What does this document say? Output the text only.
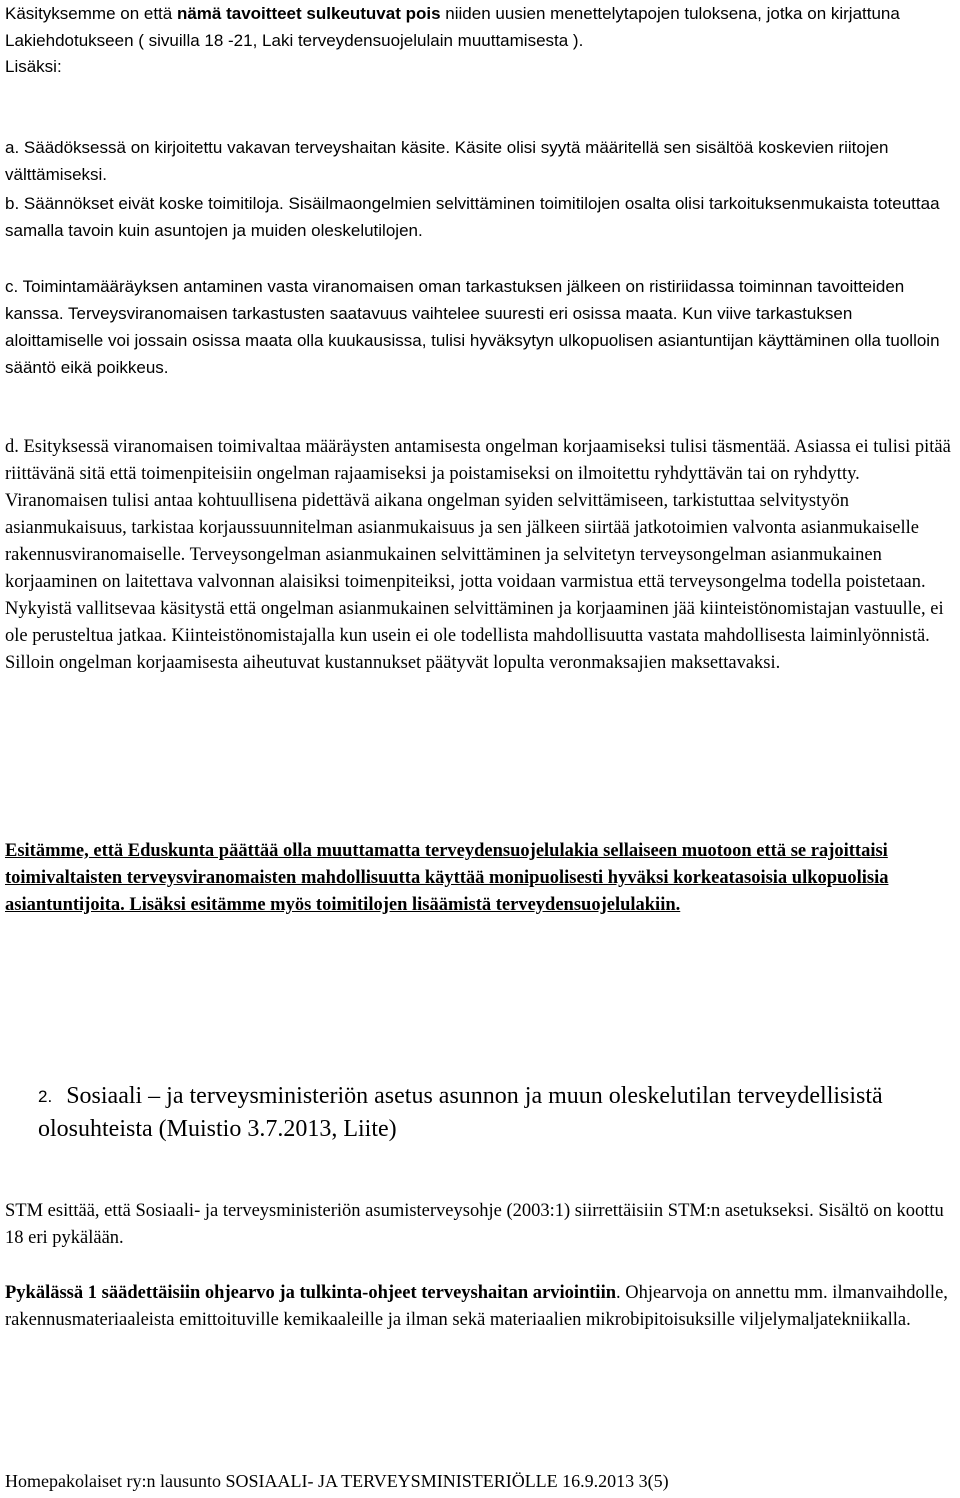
Käsityksemme on että nämä tavoitteet sulkeutuvat pois niiden uusien menettelytapojen tuloksena, jotka on kirjattuna Lakiehdotukseen ( sivuilla 18 -21, Laki terveydensuojelulain muuttamisesta ).

Lisäksi:

a. Säädöksessä on kirjoitettu vakavan terveyshaitan käsite. Käsite olisi syytä määritellä sen sisältöä koskevien riitojen välttämiseksi.

b. Säännökset eivät koske toimitiloja. Sisäilmaongelmien selvittäminen toimitilojen osalta olisi tarkoituksenmukaista toteuttaa samalla tavoin kuin asuntojen ja muiden oleskelutilojen.

c. Toimintamääräyksen antaminen vasta viranomaisen oman tarkastuksen jälkeen on ristiriidassa toiminnan tavoitteiden kanssa. Terveysviranomaisen tarkastusten saatavuus vaihtelee suuresti eri osissa maata. Kun viive tarkastuksen aloittamiselle voi jossain osissa maata olla kuukausissa, tulisi hyväksytyn ulkopuolisen asiantuntijan käyttäminen olla tuolloin sääntö eikä poikkeus.

d. Esityksessä viranomaisen toimivaltaa määräysten antamisesta ongelman korjaamiseksi tulisi täsmentää. Asiassa ei tulisi pitää riittävänä sitä että toimenpiteisiin ongelman rajaamiseksi ja poistamiseksi on ilmoitettu ryhdyttävän tai on ryhdytty. Viranomaisen tulisi antaa kohtuullisena pidettävä aikana ongelman syiden selvittämiseen, tarkistuttaa selvitystyön asianmukaisuus, tarkistaa korjaussuunnitelman asianmukaisuus ja sen jälkeen siirtää jatkotoimien valvonta asianmukaiselle rakennusviranomaiselle. Terveysongelman asianmukainen selvittäminen ja selvitetyn terveysongelman asianmukainen korjaaminen on laitettava valvonnan alaisiksi toimenpiteiksi, jotta voidaan varmistua että terveysongelma todella poistetaan. Nykyistä vallitsevaa käsitystä että ongelman asianmukainen selvittäminen ja korjaaminen jää kiinteistönomistajan vastuulle, ei ole perusteltua jatkaa. Kiinteistönomistajalla kun usein ei ole todellista mahdollisuutta vastata mahdollisesta laiminlyönnistä. Silloin ongelman korjaamisesta aiheutuvat kustannukset päätyvät lopulta veronmaksajien maksettavaksi.

Esitämme, että Eduskunta päättää olla muuttamatta terveydensuojelulakia sellaiseen muotoon että se rajoittaisi toimivaltaisten terveysviranomaisten mahdollisuutta käyttää monipuolisesti hyväksi korkeatasoisia ulkopuolisia asiantuntijoita. Lisäksi esitämme myös toimitilojen lisäämistä terveydensuojelulakiin.

2. Sosiaali – ja terveysministeriön asetus asunnon ja muun oleskelutilan terveydellisistä olosuhteista (Muistio 3.7.2013, Liite)

STM esittää, että Sosiaali- ja terveysministeriön asumisterveysohje (2003:1) siirrettäisiin STM:n asetukseksi. Sisältö on koottu 18 eri pykälään.

Pykälässä 1 säädettäisiin ohjearvo ja tulkinta-ohjeet terveyshaitan arviointiin. Ohjearvoja on annettu mm. ilmanvaihdolle, rakennusmateriaaleista emittoituville kemikaaleille ja ilman sekä materiaalien mikrobipitoisuksille viljelymaljatekniikalla.

Homepakolaiset ry:n lausunto SOSIAALI- JA TERVEYSMINISTERIÖLLE 16.9.2013 3(5)
